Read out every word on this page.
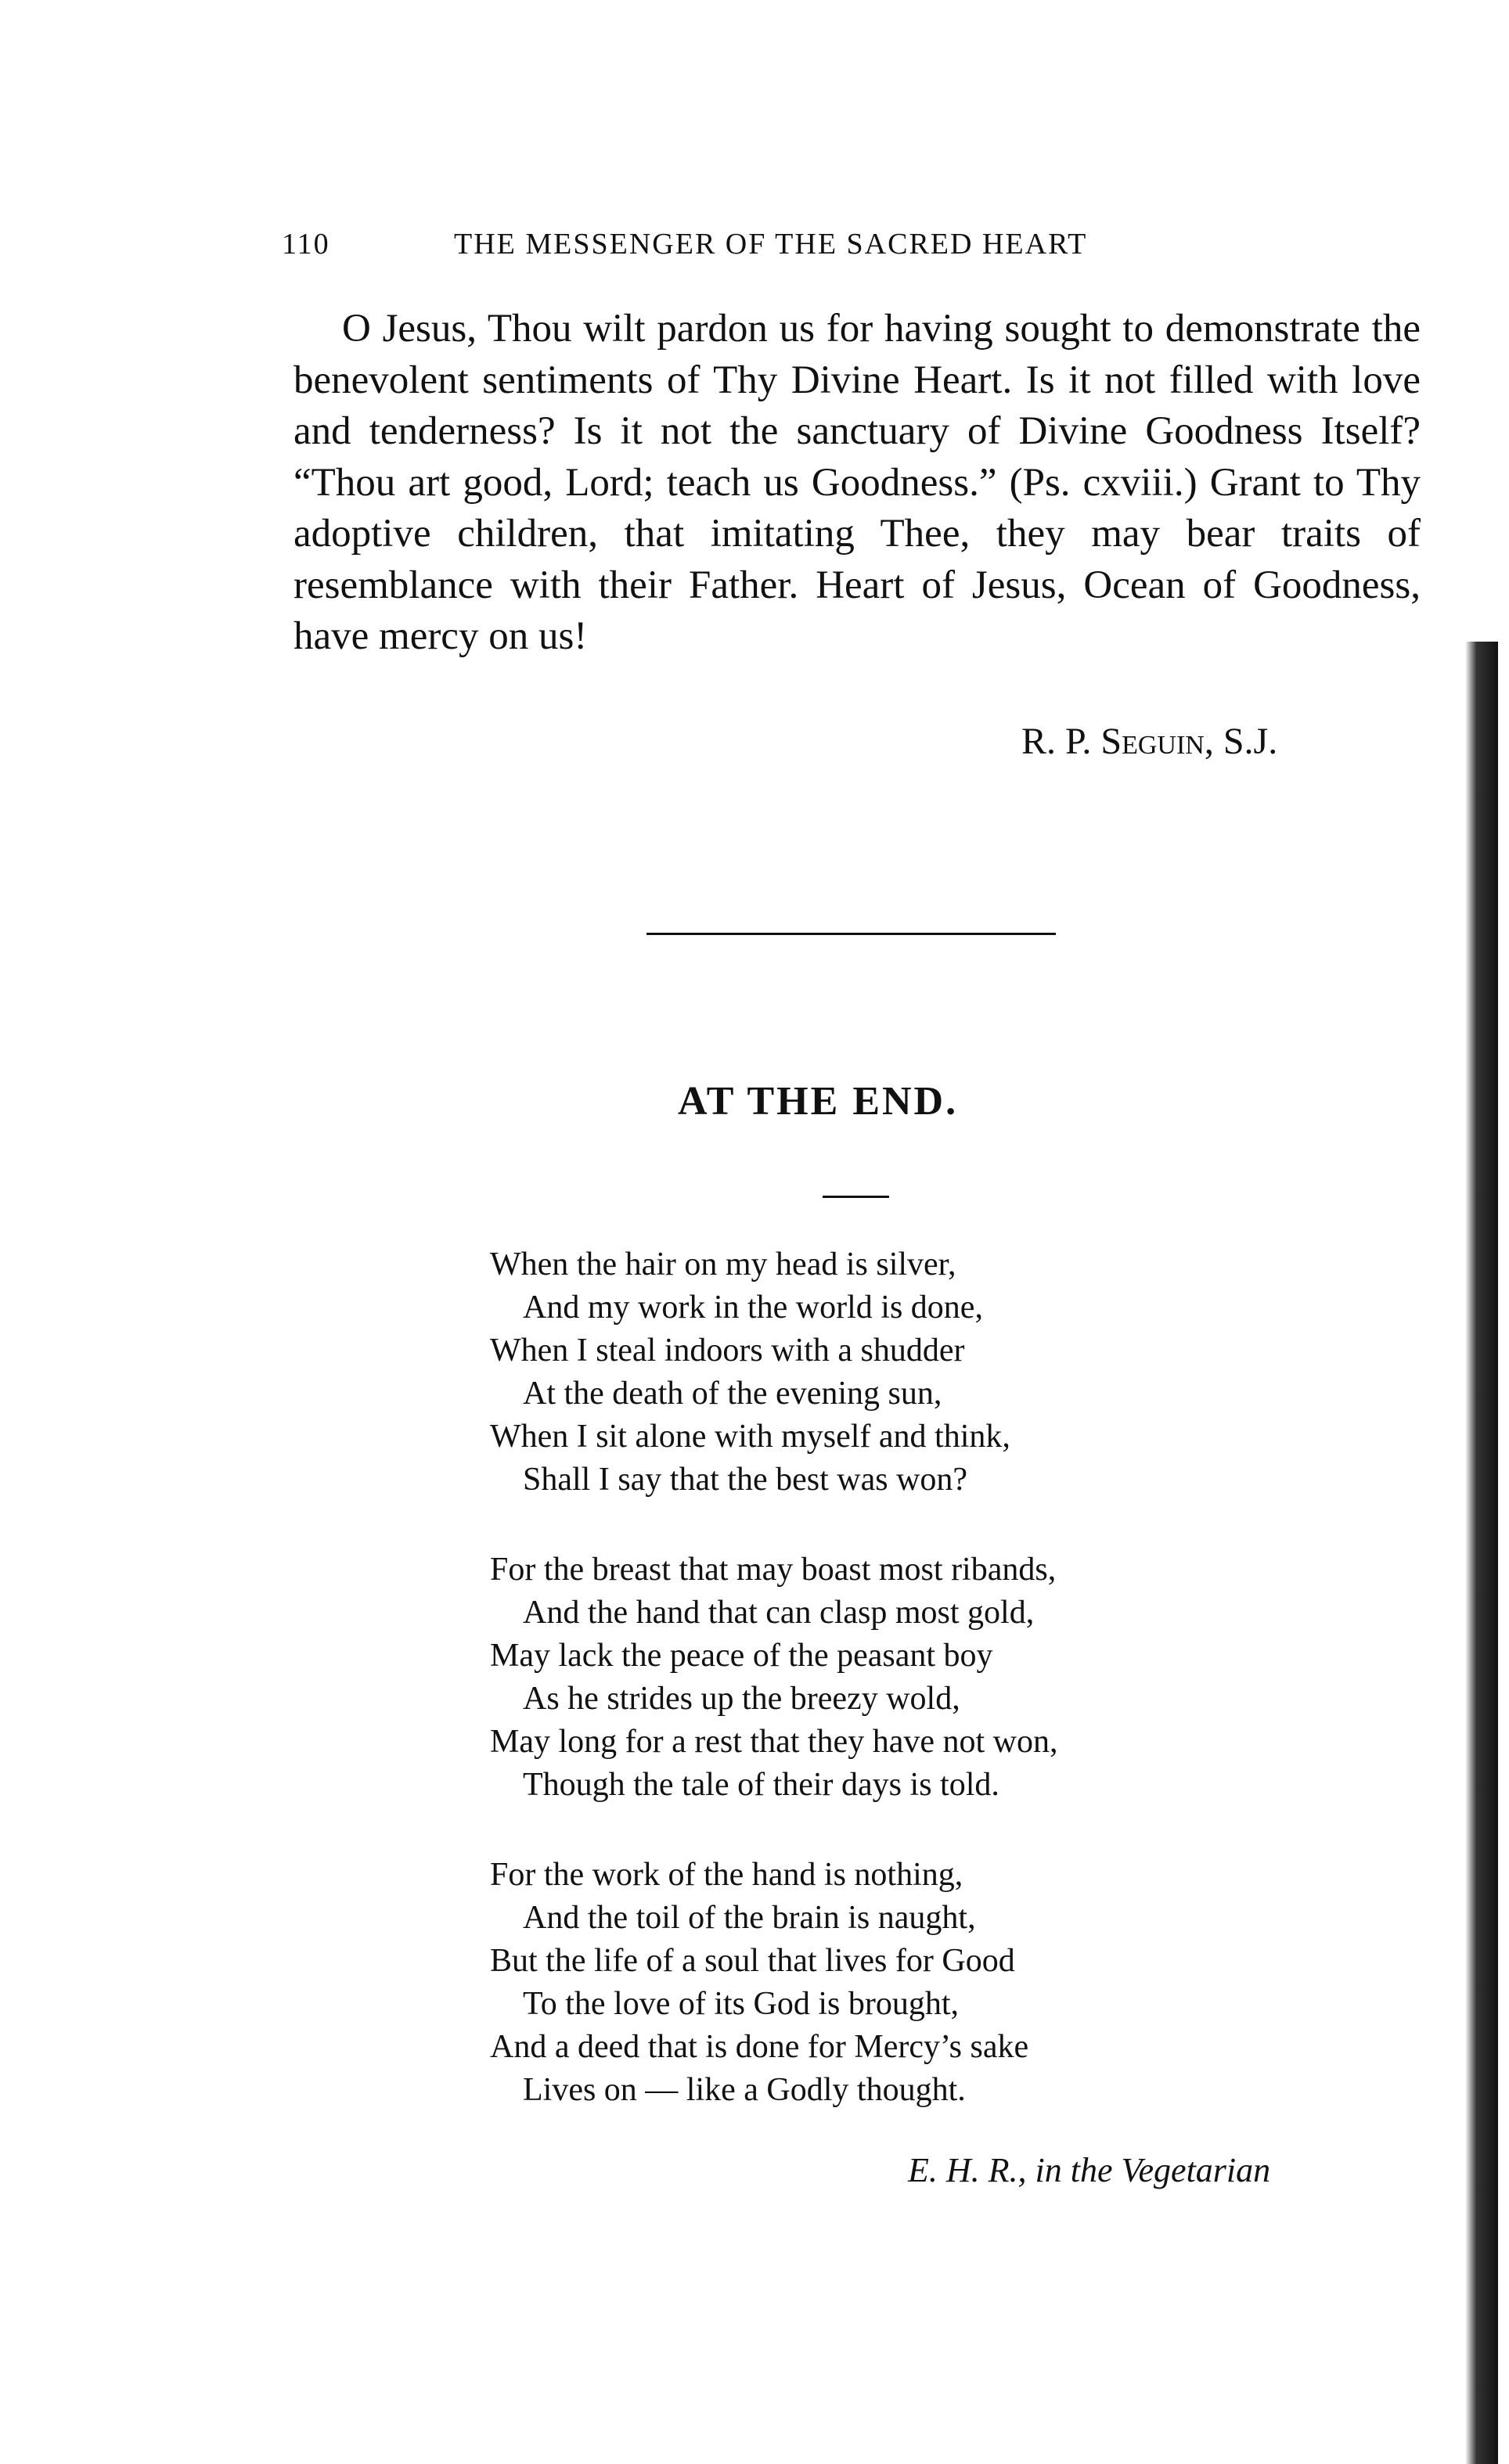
110	THE MESSENGER OF THE SACRED HEART

O Jesus, Thou wilt pardon us for having sought to demonstrate the benevolent sentiments of Thy Divine Heart. Is it not filled with love and tenderness? Is it not the sanctuary of Divine Goodness Itself? “Thou art good, Lord; teach us Goodness.” (Ps. cxviii.) Grant to Thy adoptive children, that imitating Thee, they may bear traits of resemblance with their Father. Heart of Jesus, Ocean of Goodness, have mercy on us!

R. P. Seguin, S.J.
AT THE END.
When the hair on my head is silver,
And my work in the world is done,
When I steal indoors with a shudder
At the death of the evening sun,
When I sit alone with myself and think,
Shall I say that the best was won?
For the breast that may boast most ribands,
And the hand that can clasp most gold,
May lack the peace of the peasant boy
As he strides up the breezy wold,
May long for a rest that they have not won,
Though the tale of their days is told.
For the work of the hand is nothing,
And the toil of the brain is naught,
But the life of a soul that lives for Good
To the love of its God is brought,
And a deed that is done for Mercy’s sake
Lives on — like a Godly thought.
E. H. R., in the Vegetarian
